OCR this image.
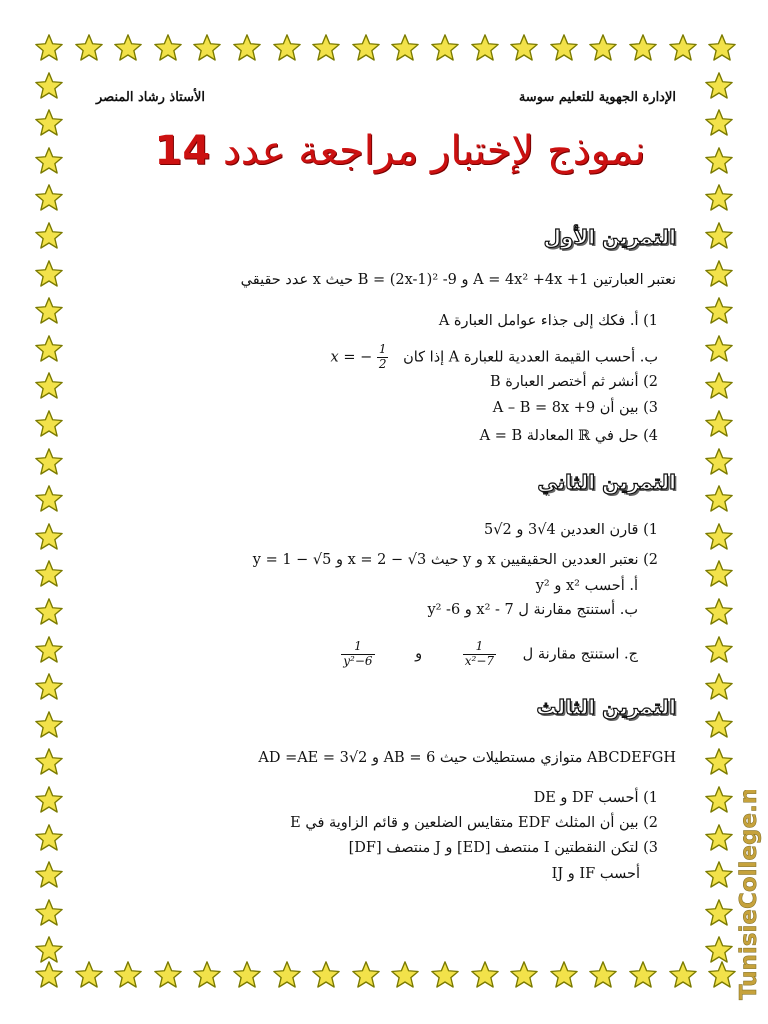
الأستاذ رشاد المنصر	الإدارة الجهوية للتعليم سوسة
نموذج لإختبار مراجعة عدد 14
التمرين الأول
نعتبر العبارتين A = 4x² +4x +1 و B = (2x-1)² -9 حيث x عدد حقيقي
1) أ. فكك إلى جذاء عوامل العبارة A
ب. أحسب القيمة العددية للعبارة A إذا كان x = − $\frac{1}{2}$
2) أنشر ثم أختصر العبارة B
3) بين أن A – B = 8x +9
4) حل في ℝ المعادلة A = B
التمرين الثاني
1) قارن العددين 4√3 و 2√5
2) نعتبر العددين الحقيقيين x و y حيث x = 2 − √3 و y = 1 − √5
أ. أحسب x² و y²
ب. أستنتج مقارنة ل x² - 7 و y² -6
ج. استنتج مقارنة ل
$\frac{1}{\text{x²−7}}$
و
$\frac{1}{\text{y²−6}}$
التمرين الثالث
ABCDEFGH متوازي مستطيلات حيث AB = 6 و AD =AE = 3√2
1) أحسب DF و DE
2) بين أن المثلث EDF متقايس الضلعين و قائم الزاوية في E
3) لتكن النقطتين I منتصف [ED] و J منتصف [DF]
أحسب IF و IJ	TunisieCollege.net
